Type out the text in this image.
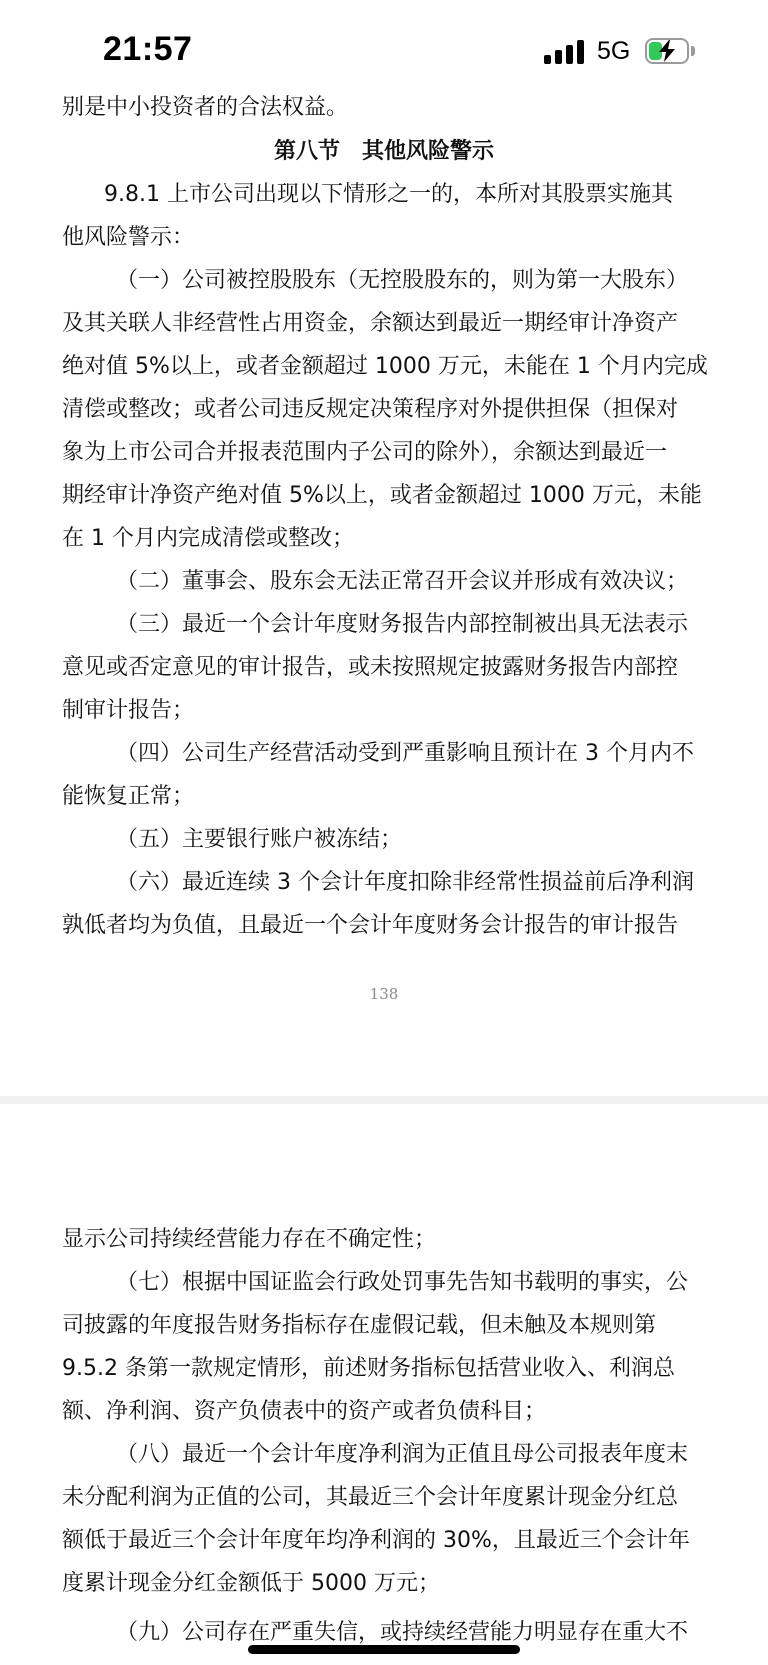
21:57	5G
别是中小投资者的合法权益。
第八节　其他风险警示
9.8.1 上市公司出现以下情形之一的，本所对其股票实施其
他风险警示：
（一）公司被控股股东（无控股股东的，则为第一大股东）
及其关联人非经营性占用资金，余额达到最近一期经审计净资产
绝对值 5%以上，或者金额超过 1000 万元，未能在 1 个月内完成
清偿或整改；或者公司违反规定决策程序对外提供担保（担保对
象为上市公司合并报表范围内子公司的除外），余额达到最近一
期经审计净资产绝对值 5%以上，或者金额超过 1000 万元，未能
在 1 个月内完成清偿或整改；
（二）董事会、股东会无法正常召开会议并形成有效决议；
（三）最近一个会计年度财务报告内部控制被出具无法表示
意见或否定意见的审计报告，或未按照规定披露财务报告内部控
制审计报告；
（四）公司生产经营活动受到严重影响且预计在 3 个月内不
能恢复正常；
（五）主要银行账户被冻结；
（六）最近连续 3 个会计年度扣除非经常性损益前后净利润
孰低者均为负值，且最近一个会计年度财务会计报告的审计报告
138
显示公司持续经营能力存在不确定性；
（七）根据中国证监会行政处罚事先告知书载明的事实，公
司披露的年度报告财务指标存在虚假记载，但未触及本规则第
9.5.2 条第一款规定情形，前述财务指标包括营业收入、利润总
额、净利润、资产负债表中的资产或者负债科目；
（八）最近一个会计年度净利润为正值且母公司报表年度末
未分配利润为正值的公司，其最近三个会计年度累计现金分红总
额低于最近三个会计年度年均净利润的 30%，且最近三个会计年
度累计现金分红金额低于 5000 万元；
（九）公司存在严重失信，或持续经营能力明显存在重大不
